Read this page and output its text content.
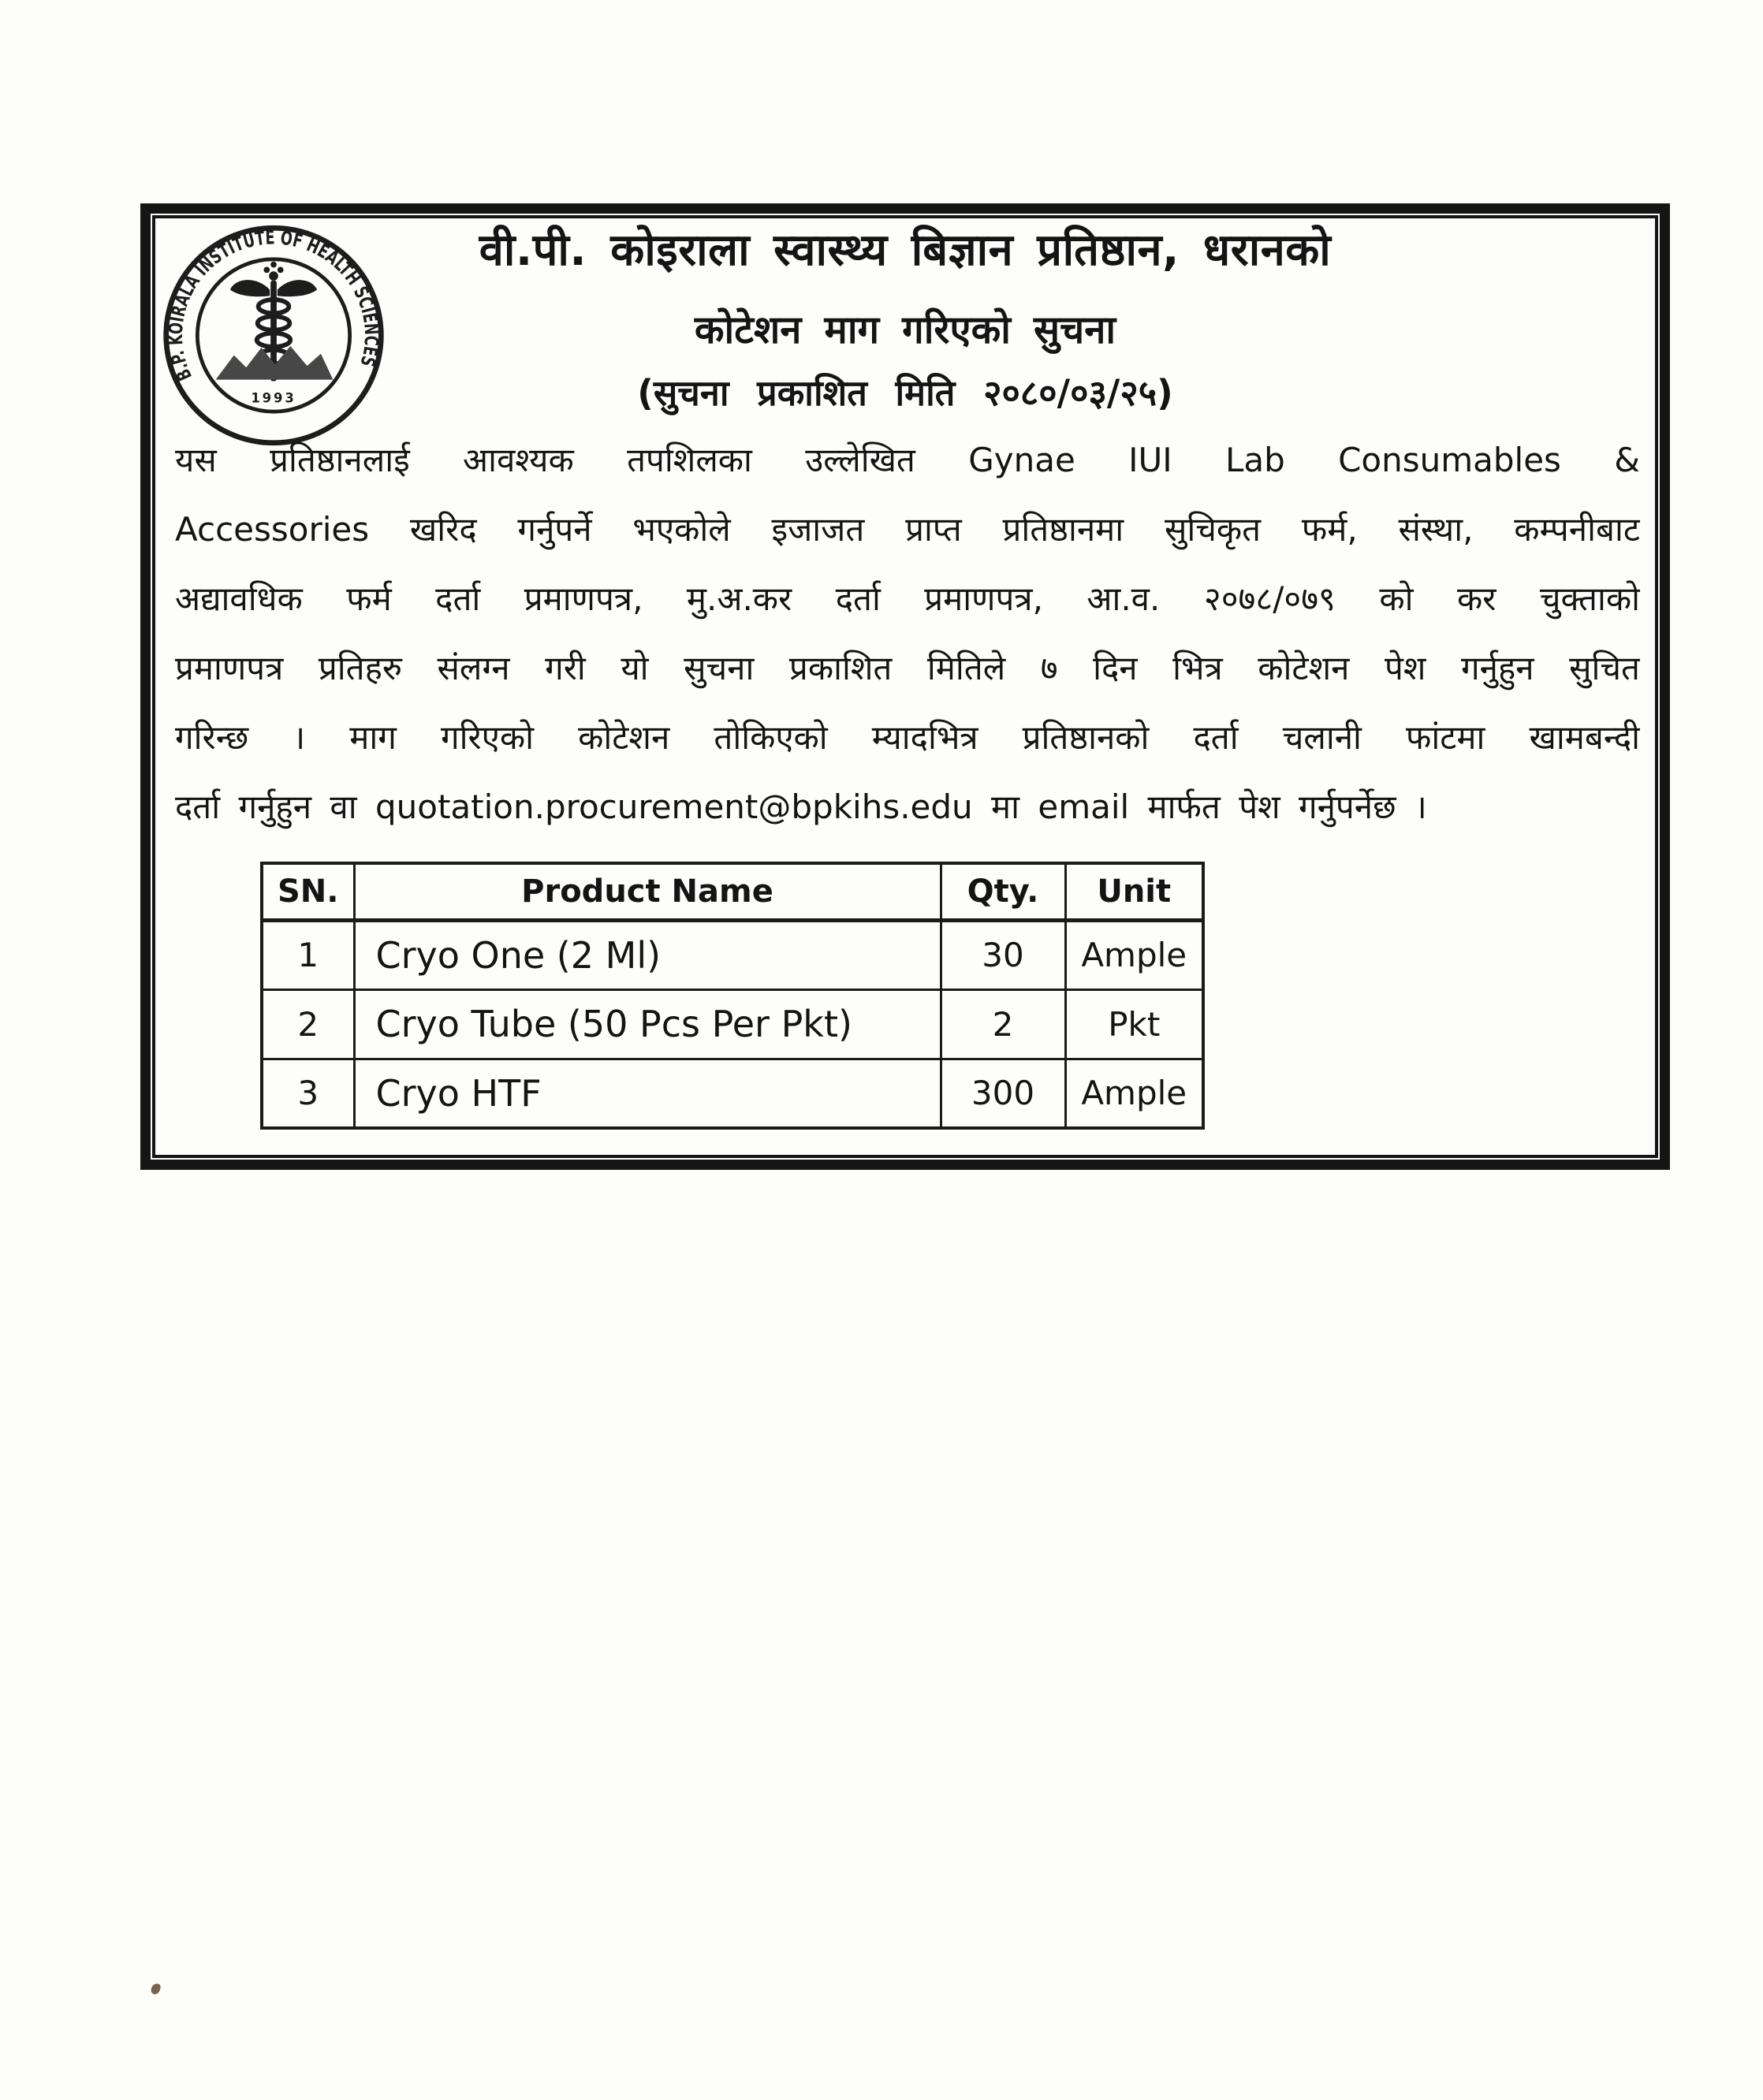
B.P. KOIRALA INSTITUTE OF HEALTH SCIENCES
1993
वी.पी. कोइराला स्वास्थ्य बिज्ञान प्रतिष्ठान, धरानको
कोटेशन माग गरिएको सुचना
(सुचना प्रकाशित मिति २०८०/०३/२५)
यस प्रतिष्ठानलाई आवश्यक तपशिलका उल्लेखित Gynae IUI Lab Consumables &
Accessories खरिद गर्नुपर्ने भएकोले इजाजत प्राप्त प्रतिष्ठानमा सुचिकृत फर्म, संस्था, कम्पनीबाट
अद्यावधिक फर्म दर्ता प्रमाणपत्र, मु.अ.कर दर्ता प्रमाणपत्र, आ.व. २०७८/०७९ को कर चुक्ताको
प्रमाणपत्र प्रतिहरु संलग्न गरी यो सुचना प्रकाशित मितिले ७ दिन भित्र कोटेशन पेश गर्नुहुन सुचित
गरिन्छ । माग गरिएको कोटेशन तोकिएको म्यादभित्र प्रतिष्ठानको दर्ता चलानी फांटमा खामबन्दी
दर्ता गर्नुहुन वा quotation.procurement@bpkihs.edu मा email मार्फत पेश गर्नुपर्नेछ ।
SN.	Product Name	Qty.	Unit
1	Cryo One (2 Ml)	30	Ample
2	Cryo Tube (50 Pcs Per Pkt)	2	Pkt
3	Cryo HTF	300	Ample
